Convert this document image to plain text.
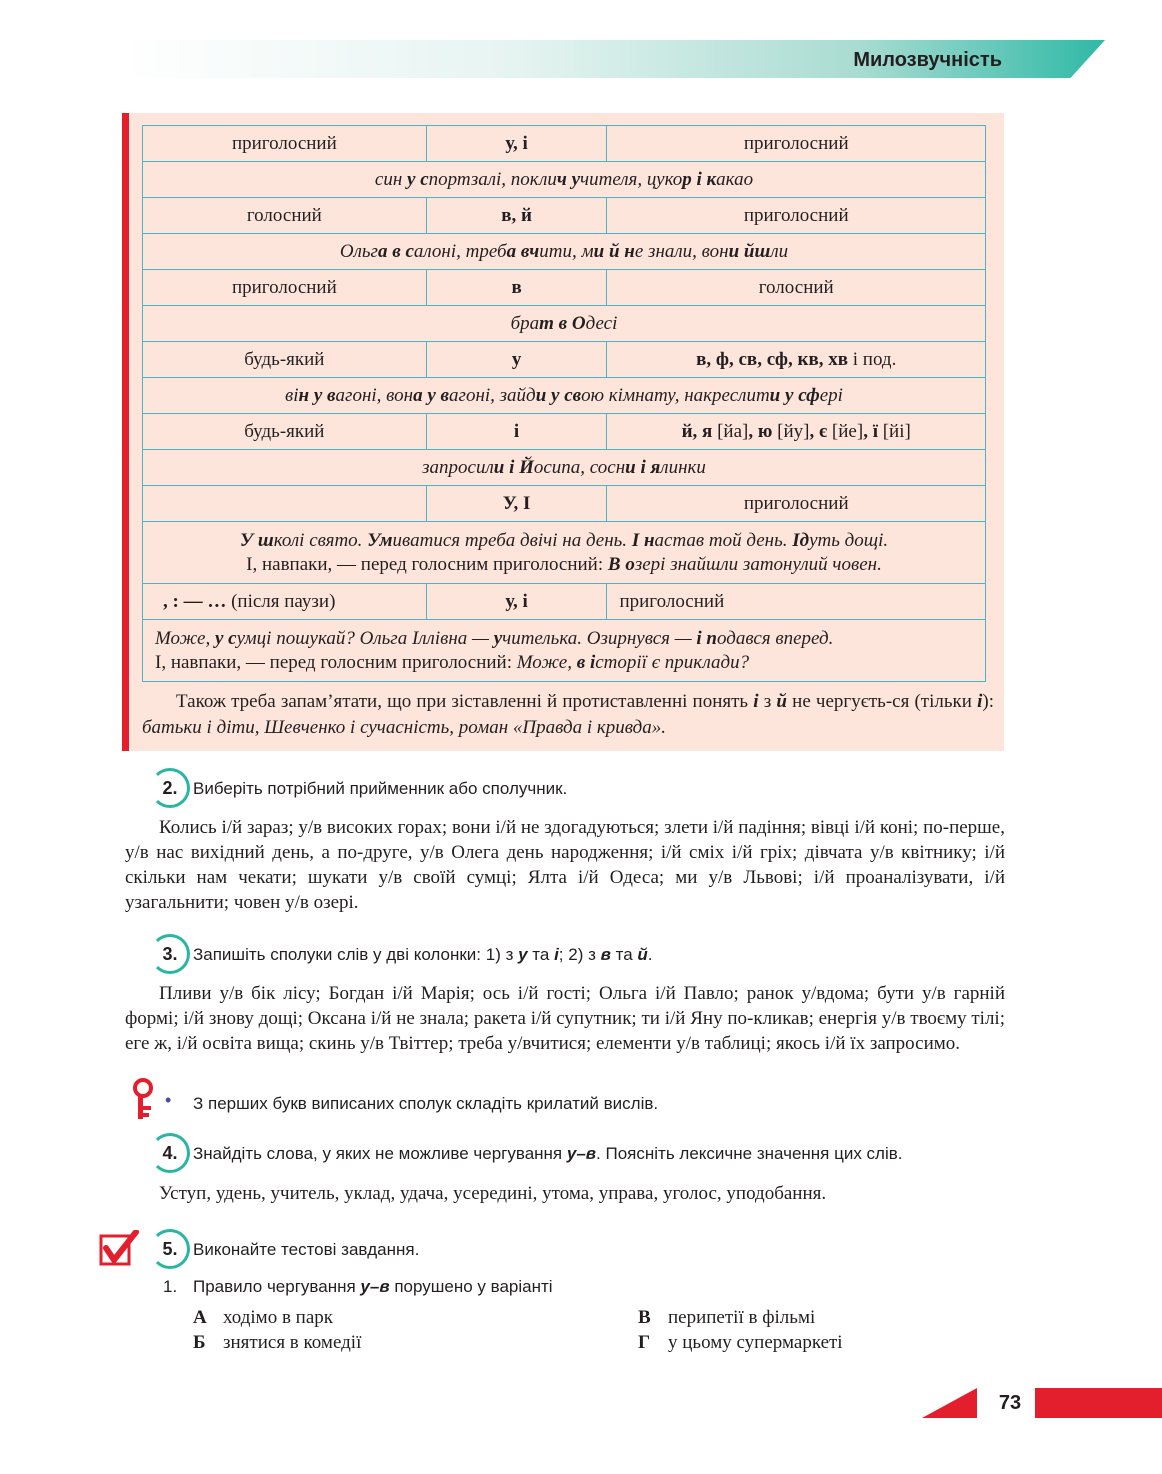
Милозвучність
приголосний	у, і	приголосний
син у спортзалі, поклич учителя, цукор і какао		
голосний	в, й	приголосний
Ольга в салоні, треба вчити, ми й не знали, вони йшли		
приголосний	в	голосний
брат в Одесі		
будь-який	у	в, ф, св, сф, кв, хв і под.
він у вагоні, вона у вагоні, зайди у свою кімнату, накреслити у сфері		
будь-який	і	й, я [йа], ю [йу], є [йе], ї [йі]
запросили і Йосипа, сосни і ялинки		
	У, І	приголосний

У школі свято. Умиватися треба двічі на день. І настав той день. Ідуть дощі.
І, навпаки, — перед голосним приголосний: В озері знайшли затонулий човен.		

, : — … (після паузи)	у, і	приголосний

Може, у сумці пошукай? Ольга Іллівна — учителька. Озирнувся — і подався вперед.
І, навпаки, — перед голосним приголосний: Може, в історії є приклади?		
Також треба запам’ятати, що при зіставленні й протиставленні понять і з й не чергуєть-ся (тільки і): батьки і діти, Шевченко і сучасність, роман «Правда і кривда».
2. Виберіть потрібний прийменник або сполучник.
Колись і/й зараз; у/в високих горах; вони і/й не здогадуються; злети і/й падіння; вівці і/й коні; по-перше, у/в нас вихідний день, а по-друге, у/в Олега день народження; і/й сміх і/й гріх; дівчата у/в квітнику; і/й скільки нам чекати; шукати у/в своїй сумці; Ялта і/й Одеса; ми у/в Львові; і/й проаналізувати, і/й узагальнити; човен у/в озері.
3. Запишіть сполуки слів у дві колонки: 1) з у та і; 2) з в та й.
Пливи у/в бік лісу; Богдан і/й Марія; ось і/й гості; Ольга і/й Павло; ранок у/вдома; бути у/в гарній формі; і/й знову дощі; Оксана і/й не знала; ракета і/й супутник; ти і/й Яну по-кликав; енергія у/в твоєму тілі; еге ж, і/й освіта вища; скинь у/в Твіттер; треба у/вчитися; елементи у/в таблиці; якось і/й їх запросимо.
• З перших букв виписаних сполук складіть крилатий вислів.
4. Знайдіть слова, у яких не можливе чергування у–в. Поясніть лексичне значення цих слів.
Уступ, удень, учитель, уклад, удача, усередині, утома, управа, уголос, уподобання.
5. Виконайте тестові завдання.
1. Правило чергування у–в порушено у варіанті
А ходімо в парк
Б знятися в комедії
В перипетії в фільмі
Г у цьому супермаркеті
73
